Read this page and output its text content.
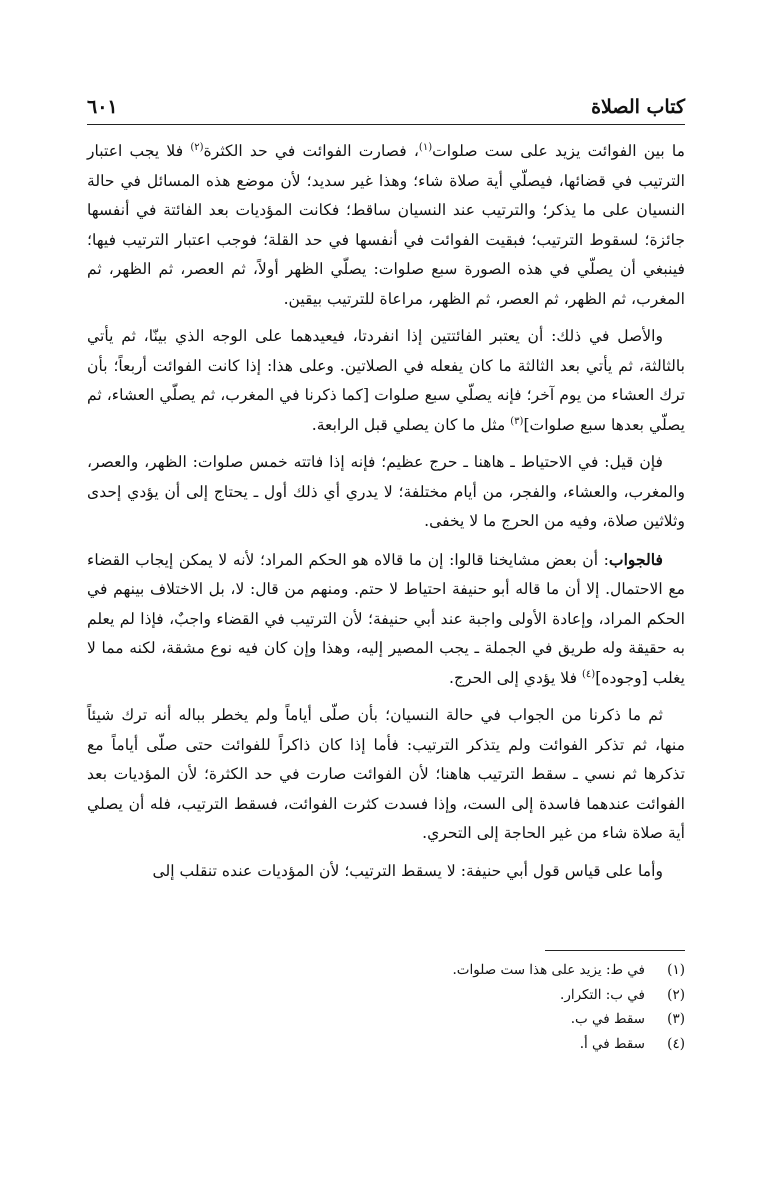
كتاب الصلاة
٦٠١

ما بين الفوائت يزيد على ست صلوات$^{(١)}$، فصارت الفوائت في حد الكثرة$^{(٢)}$ فلا يجب اعتبار الترتيب في قضائها، فيصلّي أية صلاة شاء؛ وهذا غير سديد؛ لأن موضع هذه المسائل في حالة النسيان على ما يذكر؛ والترتيب عند النسيان ساقط؛ فكانت المؤديات بعد الفائتة في أنفسها جائزة؛ لسقوط الترتيب؛ فبقيت الفوائت في أنفسها في حد القلة؛ فوجب اعتبار الترتيب فيها؛ فينبغي أن يصلّي في هذه الصورة سبع صلوات: يصلّي الظهر أولاً، ثم العصر، ثم الظهر، ثم المغرب، ثم الظهر، ثم العصر، ثم الظهر، مراعاة للترتيب بيقين.

والأصل في ذلك: أن يعتبر الفائتتين إذا انفردتا، فيعيدهما على الوجه الذي بينّا، ثم يأتي بالثالثة، ثم يأتي بعد الثالثة ما كان يفعله في الصلاتين. وعلى هذا: إذا كانت الفوائت أربعاً؛ بأن ترك العشاء من يوم آخر؛ فإنه يصلّي سبع صلوات [كما ذكرنا في المغرب، ثم يصلّي العشاء، ثم يصلّي بعدها سبع صلوات]$^{(٣)}$ مثل ما كان يصلي قبل الرابعة.

فإن قيل: في الاحتياط ـ هاهنا ـ حرج عظيم؛ فإنه إذا فاتته خمس صلوات: الظهر، والعصر، والمغرب، والعشاء، والفجر، من أيام مختلفة؛ لا يدري أي ذلك أول ـ يحتاج إلى أن يؤدي إحدى وثلاثين صلاة، وفيه من الحرج ما لا يخفى.

فالجواب: أن بعض مشايخنا قالوا: إن ما قالاه هو الحكم المراد؛ لأنه لا يمكن إيجاب القضاء مع الاحتمال. إلا أن ما قاله أبو حنيفة احتياط لا حتم. ومنهم من قال: لا، بل الاختلاف بينهم في الحكم المراد، وإعادة الأولى واجبة عند أبي حنيفة؛ لأن الترتيب في القضاء واجبٌ، فإذا لم يعلم به حقيقة وله طريق في الجملة ـ يجب المصير إليه، وهذا وإن كان فيه نوع مشقة، لكنه مما لا يغلب [وجوده]$^{(٤)}$ فلا يؤدي إلى الحرج.

ثم ما ذكرنا من الجواب في حالة النسيان؛ بأن صلّى أياماً ولم يخطر بباله أنه ترك شيئاً منها، ثم تذكر الفوائت ولم يتذكر الترتيب: فأما إذا كان ذاكراً للفوائت حتى صلّى أياماً مع تذكرها ثم نسي ـ سقط الترتيب هاهنا؛ لأن الفوائت صارت في حد الكثرة؛ لأن المؤديات بعد الفوائت عندهما فاسدة إلى الست، وإذا فسدت كثرت الفوائت، فسقط الترتيب، فله أن يصلي أية صلاة شاء من غير الحاجة إلى التحري.

وأما على قياس قول أبي حنيفة: لا يسقط الترتيب؛ لأن المؤديات عنده تنقلب إلى

(١)
في ط: يزيد على هذا ست صلوات.
(٢)
في ب: التكرار.
(٣)
سقط في ب.
(٤)
سقط في أ.
